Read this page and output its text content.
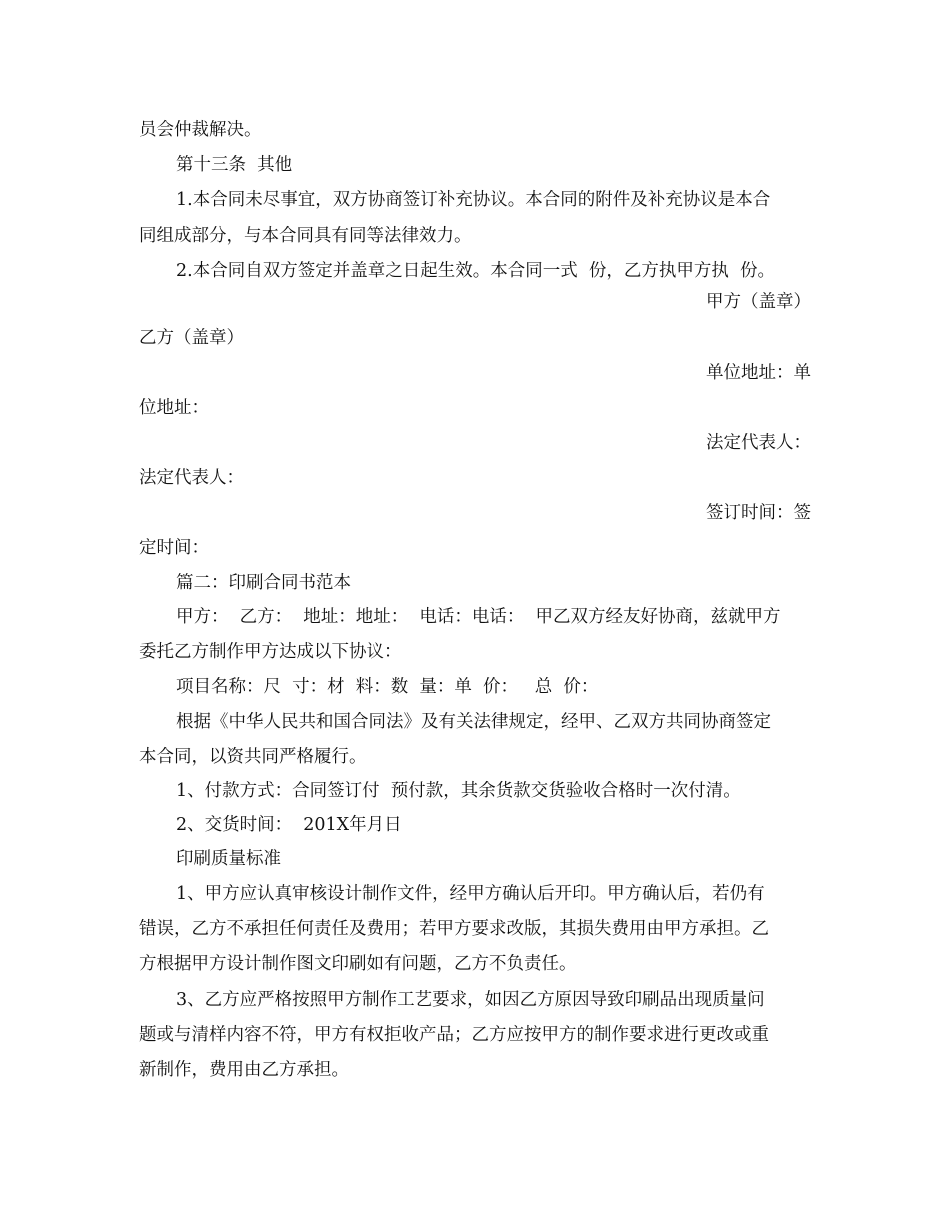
员会仲裁解决。
第十三条  其他
1.本合同未尽事宜，双方协商签订补充协议。本合同的附件及补充协议是本合
同组成部分，与本合同具有同等法律效力。
2.本合同自双方签定并盖章之日起生效。本合同一式  份，乙方执甲方执  份。
甲方（盖章）
乙方（盖章）
单位地址：单
位地址：
法定代表人：
法定代表人：
签订时间：签
定时间：
篇二：印刷合同书范本
甲方：  乙方：  地址：地址：  电话：电话：  甲乙双方经友好协商，兹就甲方
委托乙方制作甲方达成以下协议：
项目名称：尺  寸：材  料：数  量：单  价：   总  价：
根据《中华人民共和国合同法》及有关法律规定，经甲、乙双方共同协商签定
本合同，以资共同严格履行。
1、付款方式：合同签订付  预付款，其余货款交货验收合格时一次付清。
2、交货时间：  201X年月日
印刷质量标准
1、甲方应认真审核设计制作文件，经甲方确认后开印。甲方确认后，若仍有
错误，乙方不承担任何责任及费用；若甲方要求改版，其损失费用由甲方承担。乙
方根据甲方设计制作图文印刷如有问题，乙方不负责任。
3、乙方应严格按照甲方制作工艺要求，如因乙方原因导致印刷品出现质量问
题或与清样内容不符，甲方有权拒收产品；乙方应按甲方的制作要求进行更改或重
新制作，费用由乙方承担。
